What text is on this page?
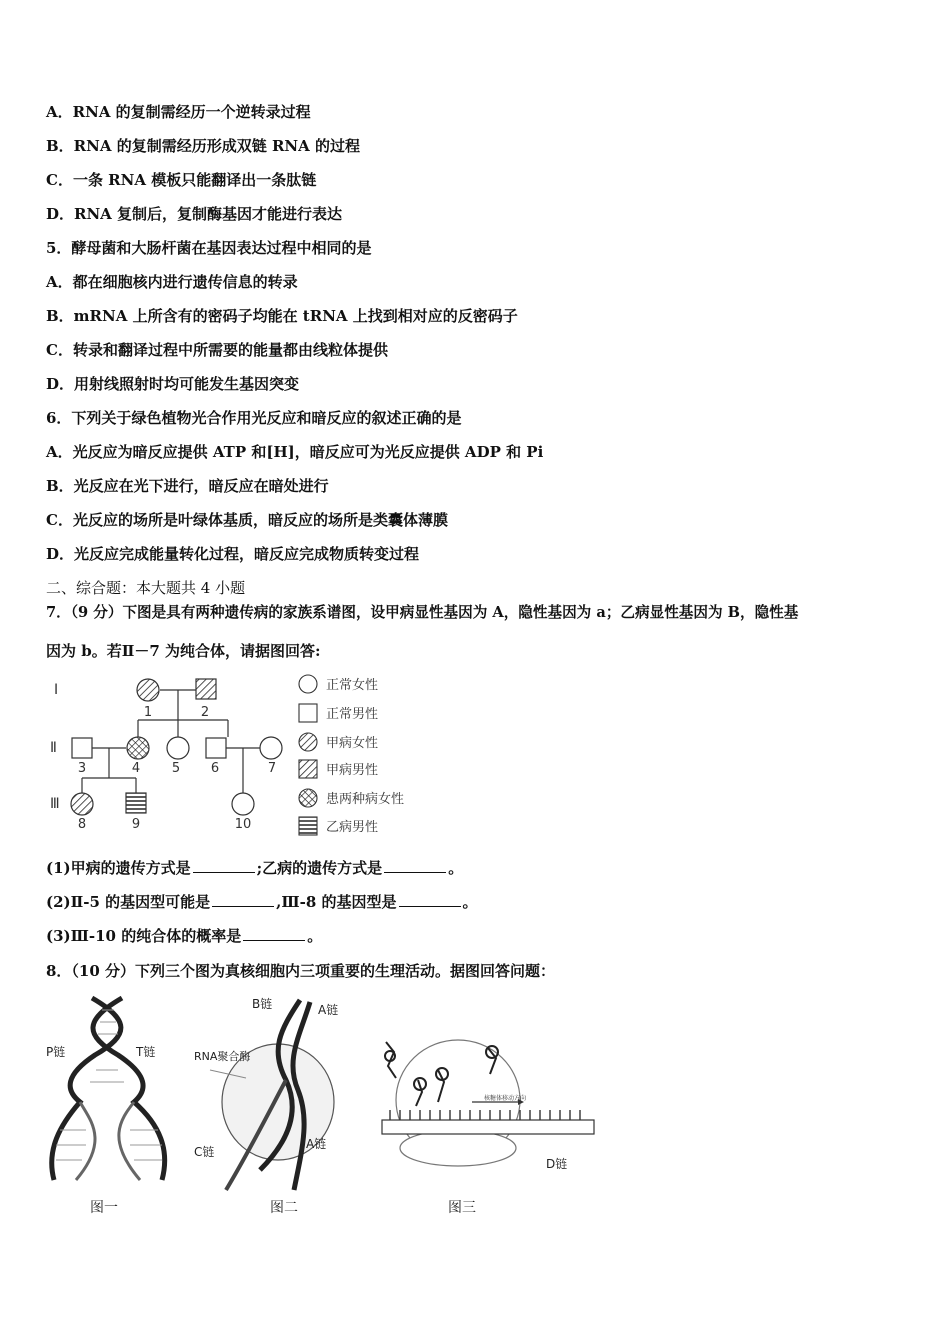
A．RNA 的复制需经历一个逆转录过程
B．RNA 的复制需经历形成双链 RNA 的过程
C．一条 RNA 模板只能翻译出一条肽链
D．RNA 复制后，复制酶基因才能进行表达
5．酵母菌和大肠杆菌在基因表达过程中相同的是
A．都在细胞核内进行遗传信息的转录
B．mRNA 上所含有的密码子均能在 tRNA 上找到相对应的反密码子
C．转录和翻译过程中所需要的能量都由线粒体提供
D．用射线照射时均可能发生基因突变
6．下列关于绿色植物光合作用光反应和暗反应的叙述正确的是
A．光反应为暗反应提供 ATP 和[H]，暗反应可为光反应提供 ADP 和 Pi
B．光反应在光下进行，暗反应在暗处进行
C．光反应的场所是叶绿体基质，暗反应的场所是类囊体薄膜
D．光反应完成能量转化过程，暗反应完成物质转变过程
二、综合题：本大题共 4 小题
7．（9 分）下图是具有两种遗传病的家族系谱图，设甲病显性基因为 A，隐性基因为 a；乙病显性基因为 B，隐性基
因为 b。若Ⅱ－7 为纯合体，请据图回答:
Ⅰ
Ⅱ
Ⅲ
1	2
3	4 5 6	7
8	9	10
正常女性
正常男性
甲病女性
甲病男性
患两种病女性
乙病男性
(1)甲病的遗传方式是	;乙病的遗传方式是	。
(2)Ⅱ-5 的基因型可能是	,Ⅲ-8 的基因型是	。
(3)Ⅲ-10 的纯合体的概率是	。
8．（10 分）下列三个图为真核细胞内三项重要的生理活动。据图回答问题：
P链	T链
图一
B链	A链
RNA聚合酶
A链
C链
图二
核糖体移动方向
D链
图三
